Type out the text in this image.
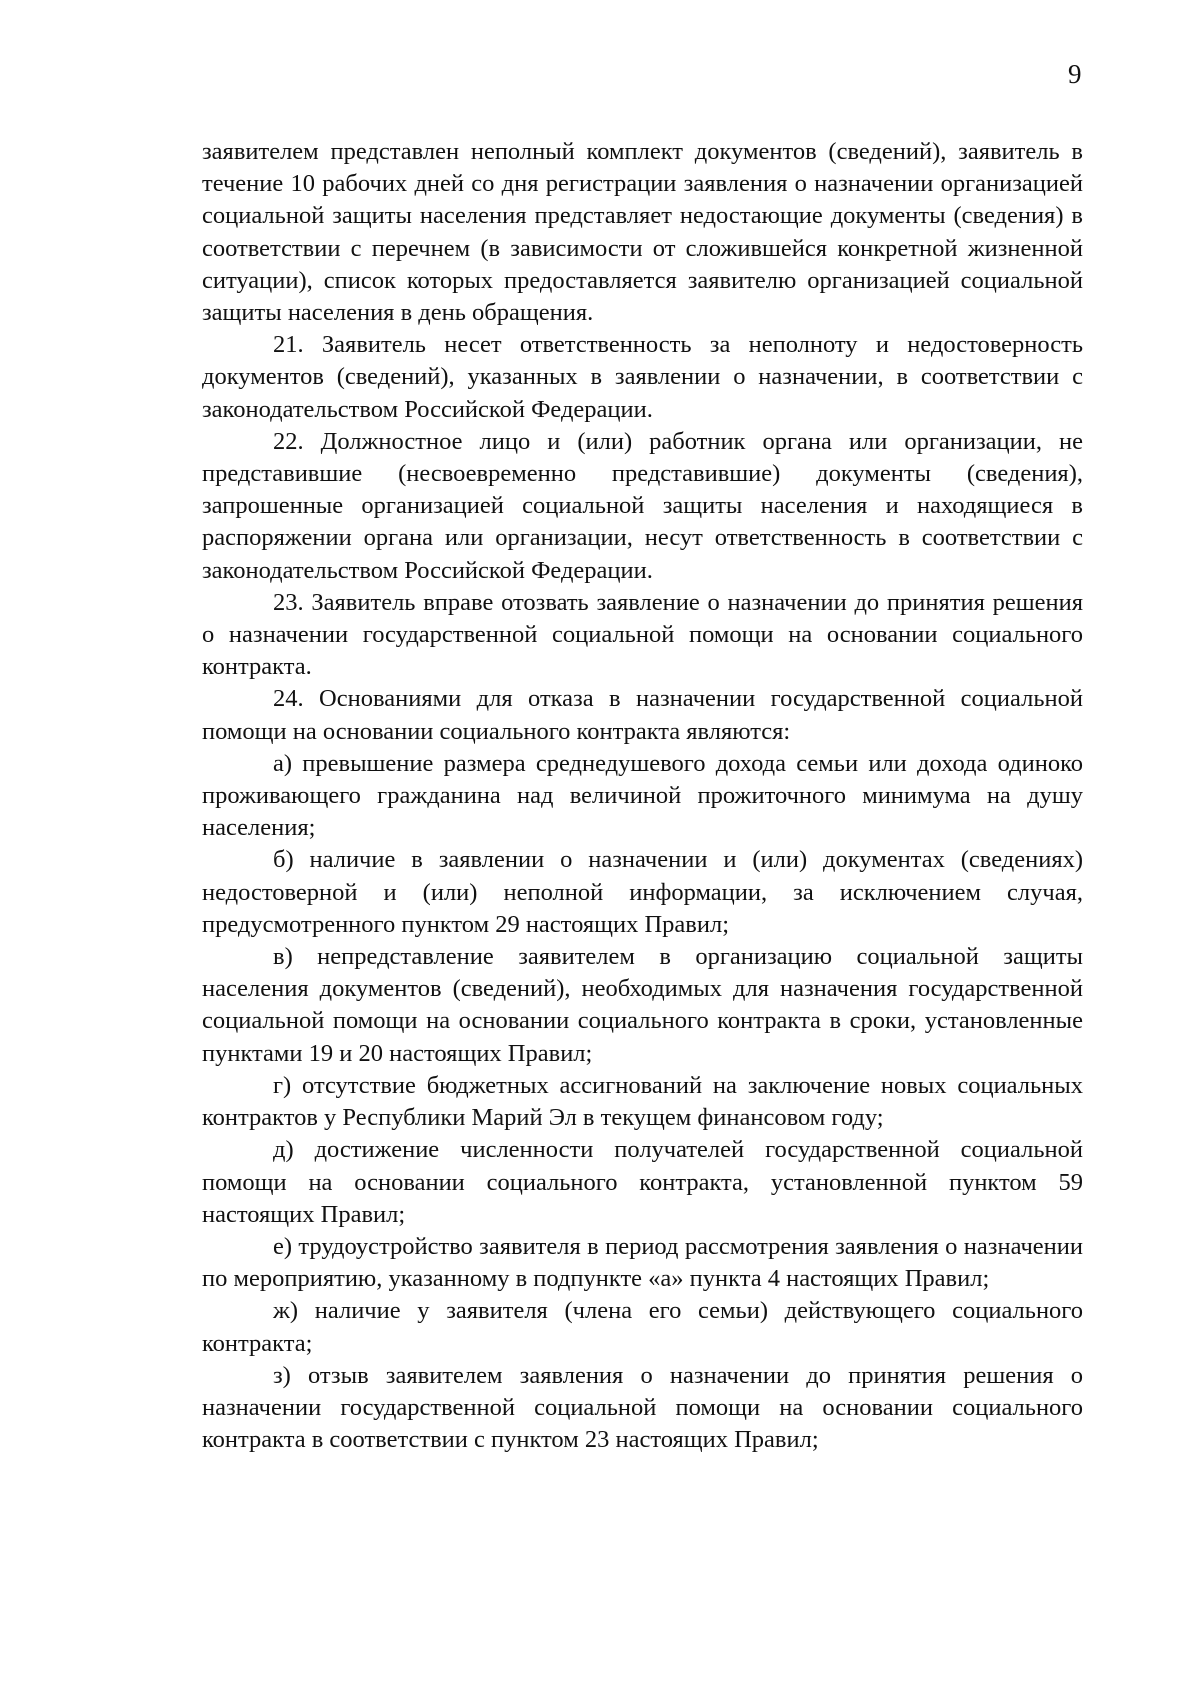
9

заявителем представлен неполный комплект документов (сведений), заявитель в течение 10 рабочих дней со дня регистрации заявления о назначении организацией социальной защиты населения представляет недостающие документы (сведения) в соответствии с перечнем (в зависимости от сложившейся конкретной жизненной ситуации), список которых предоставляется заявителю организацией социальной защиты населения в день обращения.

21. Заявитель несет ответственность за неполноту и недостоверность документов (сведений), указанных в заявлении о назначении, в соответствии с законодательством Российской Федерации.

22. Должностное лицо и (или) работник органа или организации, не представившие (несвоевременно представившие) документы (сведения), запрошенные организацией социальной защиты населения и находящиеся в распоряжении органа или организации, несут ответственность в соответствии с законодательством Российской Федерации.

23. Заявитель вправе отозвать заявление о назначении до принятия решения о назначении государственной социальной помощи на основании социального контракта.

24. Основаниями для отказа в назначении государственной социальной помощи на основании социального контракта являются:

а) превышение размера среднедушевого дохода семьи или дохода одиноко проживающего гражданина над величиной прожиточного минимума на душу населения;

б) наличие в заявлении о назначении и (или) документах (сведениях) недостоверной и (или) неполной информации, за исключением случая, предусмотренного пунктом 29 настоящих Правил;

в) непредставление заявителем в организацию социальной защиты населения документов (сведений), необходимых для назначения государственной социальной помощи на основании социального контракта в сроки, установленные пунктами 19 и 20 настоящих Правил;

г) отсутствие бюджетных ассигнований на заключение новых социальных контрактов у Республики Марий Эл в текущем финансовом году;

д) достижение численности получателей государственной социальной помощи на основании социального контракта, установленной пунктом 59 настоящих Правил;

е) трудоустройство заявителя в период рассмотрения заявления о назначении по мероприятию, указанному в подпункте «а» пункта 4 настоящих Правил;

ж) наличие у заявителя (члена его семьи) действующего социального контракта;

з) отзыв заявителем заявления о назначении до принятия решения о назначении государственной социальной помощи на основании социального контракта в соответствии с пунктом 23 настоящих Правил;
